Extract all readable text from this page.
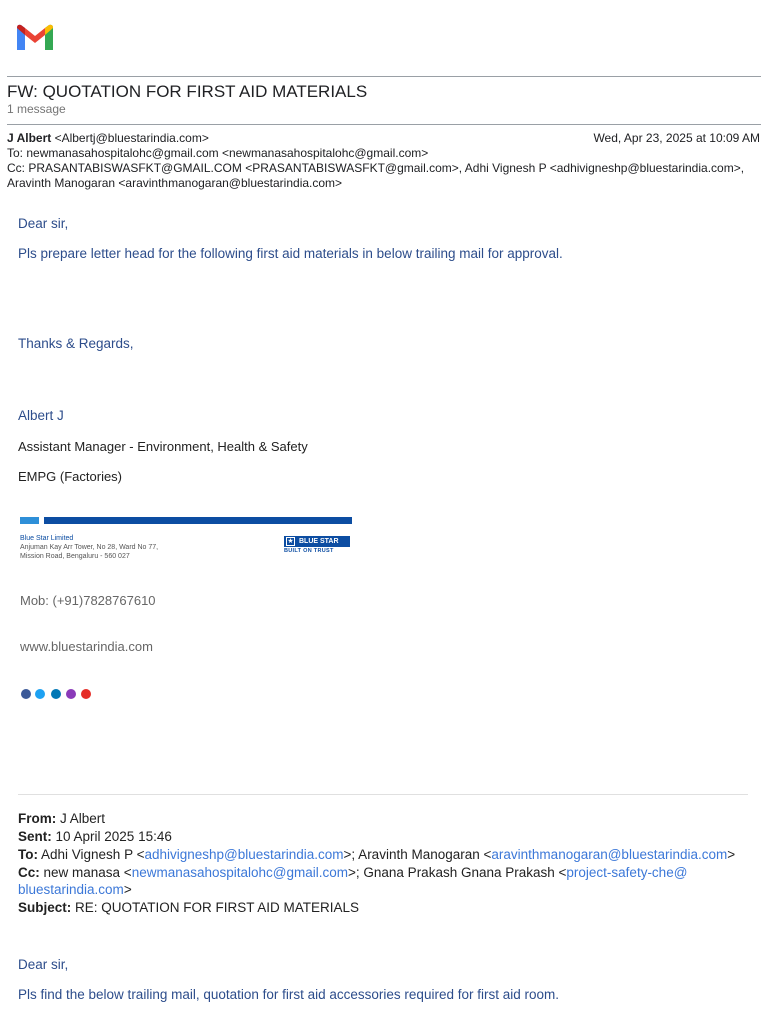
FW: QUOTATION FOR FIRST AID MATERIALS
1 message
J Albert <Albertj@bluestarindia.com>	Wed, Apr 23, 2025 at 10:09 AM
To: newmanasahospitalohc@gmail.com <newmanasahospitalohc@gmail.com>
Cc: PRASANTABISWASFKT@GMAIL.COM <PRASANTABISWASFKT@gmail.com>, Adhi Vignesh P <adhivigneshp@bluestarindia.com>,
Aravinth Manogaran <aravinthmanogaran@bluestarindia.com>
Dear sir,
Pls prepare letter head for the following first aid materials in below trailing mail for approval.
Thanks & Regards,
Albert J
Assistant Manager - Environment, Health & Safety
EMPG (Factories)
Blue Star Limited
Anjuman Kay Arr Tower, No 28, Ward No 77,
Mission Road, Bengaluru - 560 027
★ BLUE STAR
BUILT ON TRUST
Mob: (+91)7828767610
www.bluestarindia.com
From: J Albert
Sent: 10 April 2025 15:46
To: Adhi Vignesh P <adhivigneshp@bluestarindia.com>; Aravinth Manogaran <aravinthmanogaran@bluestarindia.com>
Cc: new manasa <newmanasahospitalohc@gmail.com>; Gnana Prakash Gnana Prakash <project-safety-che@
bluestarindia.com>
Subject: RE: QUOTATION FOR FIRST AID MATERIALS
Dear sir,
Pls find the below trailing mail, quotation for first aid accessories required for first aid room.
